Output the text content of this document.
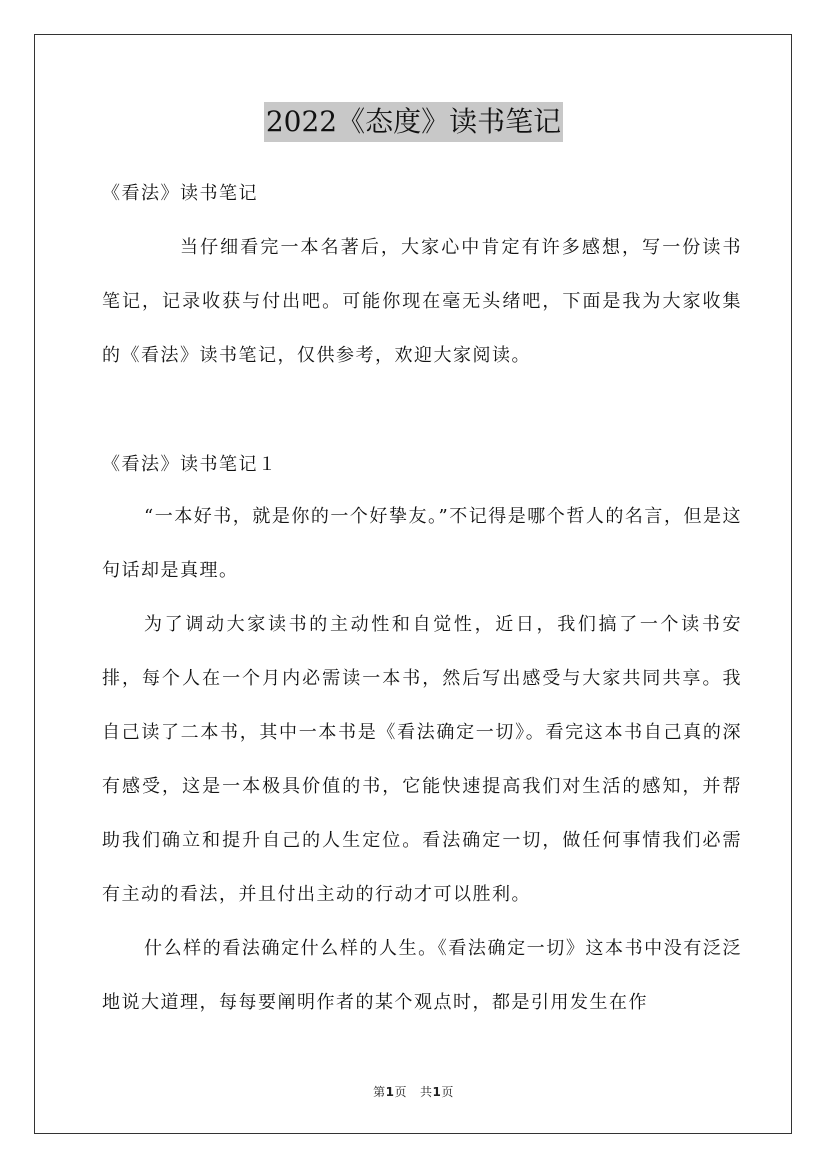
2022《态度》读书笔记
《看法》读书笔记
当仔细看完一本名著后，大家心中肯定有许多感想，写一份读书笔记，记录收获与付出吧。可能你现在毫无头绪吧，下面是我为大家收集的《看法》读书笔记，仅供参考，欢迎大家阅读。
《看法》读书笔记１
“一本好书，就是你的一个好挚友。”不记得是哪个哲人的名言，但是这句话却是真理。
为了调动大家读书的主动性和自觉性，近日，我们搞了一个读书安排，每个人在一个月内必需读一本书，然后写出感受与大家共同共享。我自己读了二本书，其中一本书是《看法确定一切》。看完这本书自己真的深有感受，这是一本极具价值的书，它能快速提高我们对生活的感知，并帮助我们确立和提升自己的人生定位。看法确定一切，做任何事情我们必需有主动的看法，并且付出主动的行动才可以胜利。
什么样的看法确定什么样的人生。《看法确定一切》这本书中没有泛泛地说大道理，每每要阐明作者的某个观点时，都是引用发生在作
第1页   共1页
